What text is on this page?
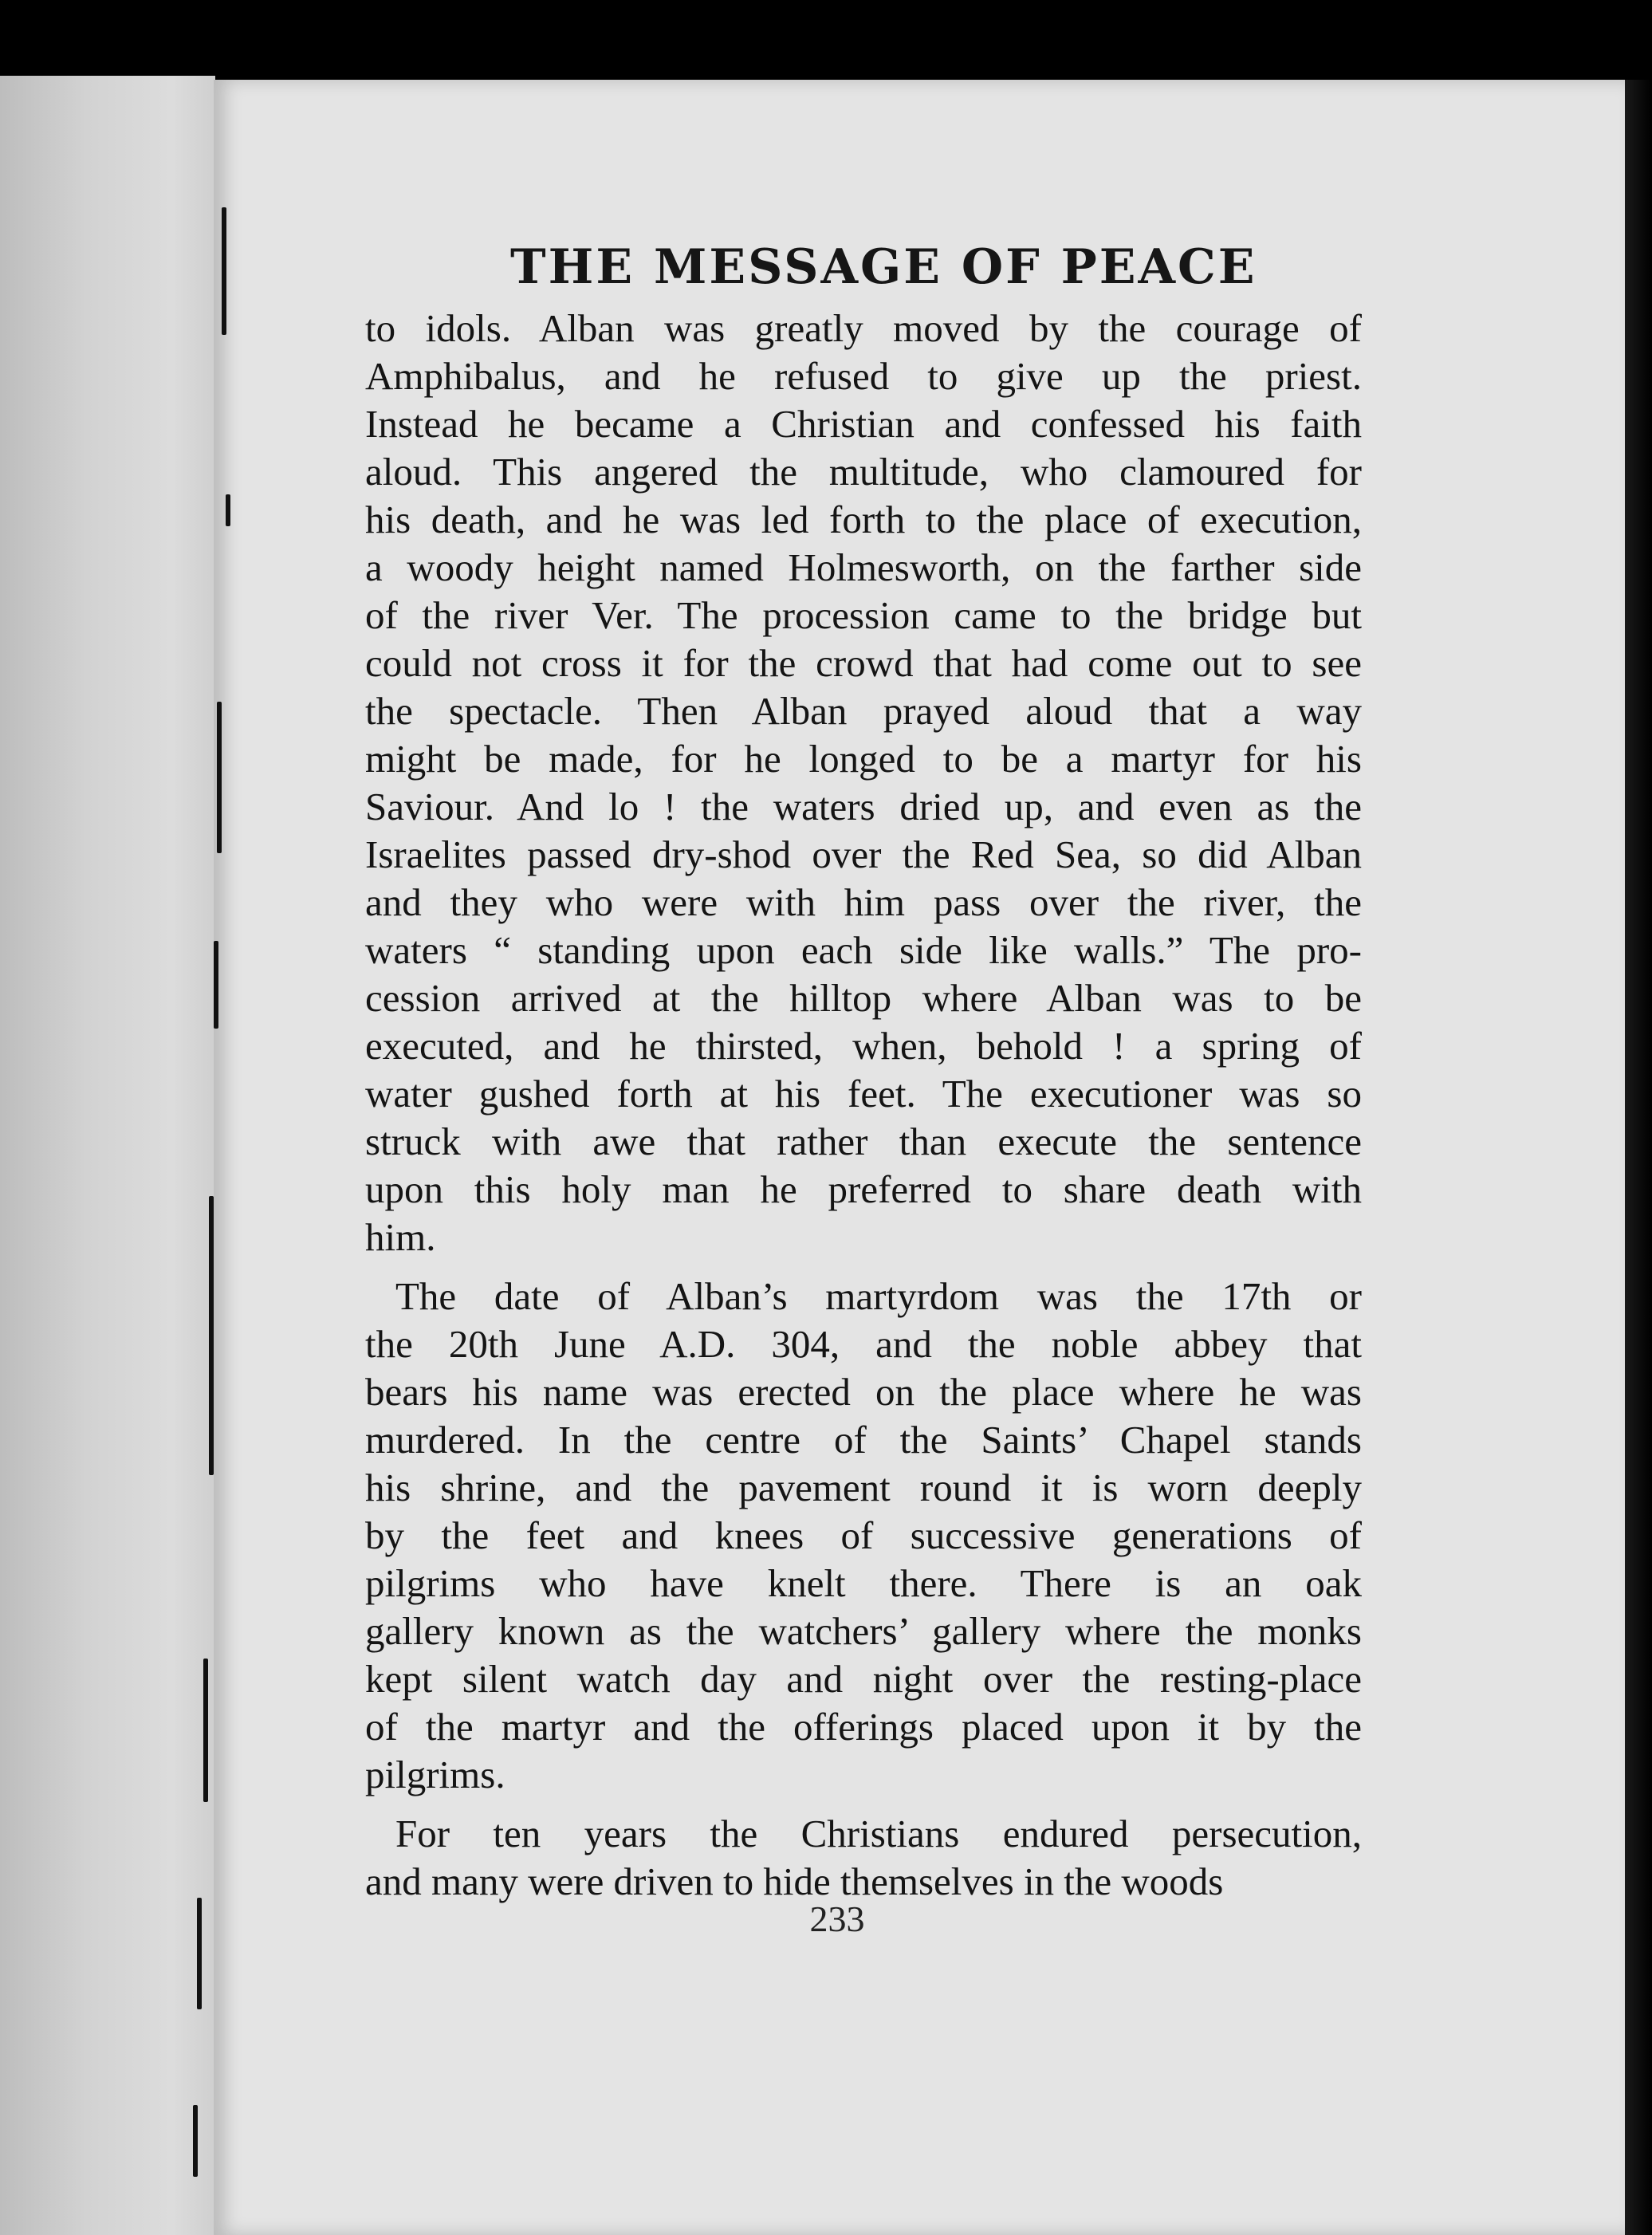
THE MESSAGE OF PEACE
to idols. Alban was greatly moved by the courage of
Amphibalus, and he refused to give up the priest.
Instead he became a Christian and confessed his faith
aloud. This angered the multitude, who clamoured for
his death, and he was led forth to the place of execution,
a woody height named Holmesworth, on the farther side
of the river Ver. The procession came to the bridge but
could not cross it for the crowd that had come out to see
the spectacle. Then Alban prayed aloud that a way
might be made, for he longed to be a martyr for his
Saviour. And lo ! the waters dried up, and even as the
Israelites passed dry-shod over the Red Sea, so did Alban
and they who were with him pass over the river, the
waters “ standing upon each side like walls.” The pro-
cession arrived at the hilltop where Alban was to be
executed, and he thirsted, when, behold ! a spring of
water gushed forth at his feet. The executioner was so
struck with awe that rather than execute the sentence
upon this holy man he preferred to share death with
him.
The date of Alban’s martyrdom was the 17th or
the 20th June A.D. 304, and the noble abbey that
bears his name was erected on the place where he was
murdered. In the centre of the Saints’ Chapel stands
his shrine, and the pavement round it is worn deeply
by the feet and knees of successive generations of
pilgrims who have knelt there. There is an oak
gallery known as the watchers’ gallery where the monks
kept silent watch day and night over the resting-place
of the martyr and the offerings placed upon it by the
pilgrims.
For ten years the Christians endured persecution,
and many were driven to hide themselves in the woods
233
